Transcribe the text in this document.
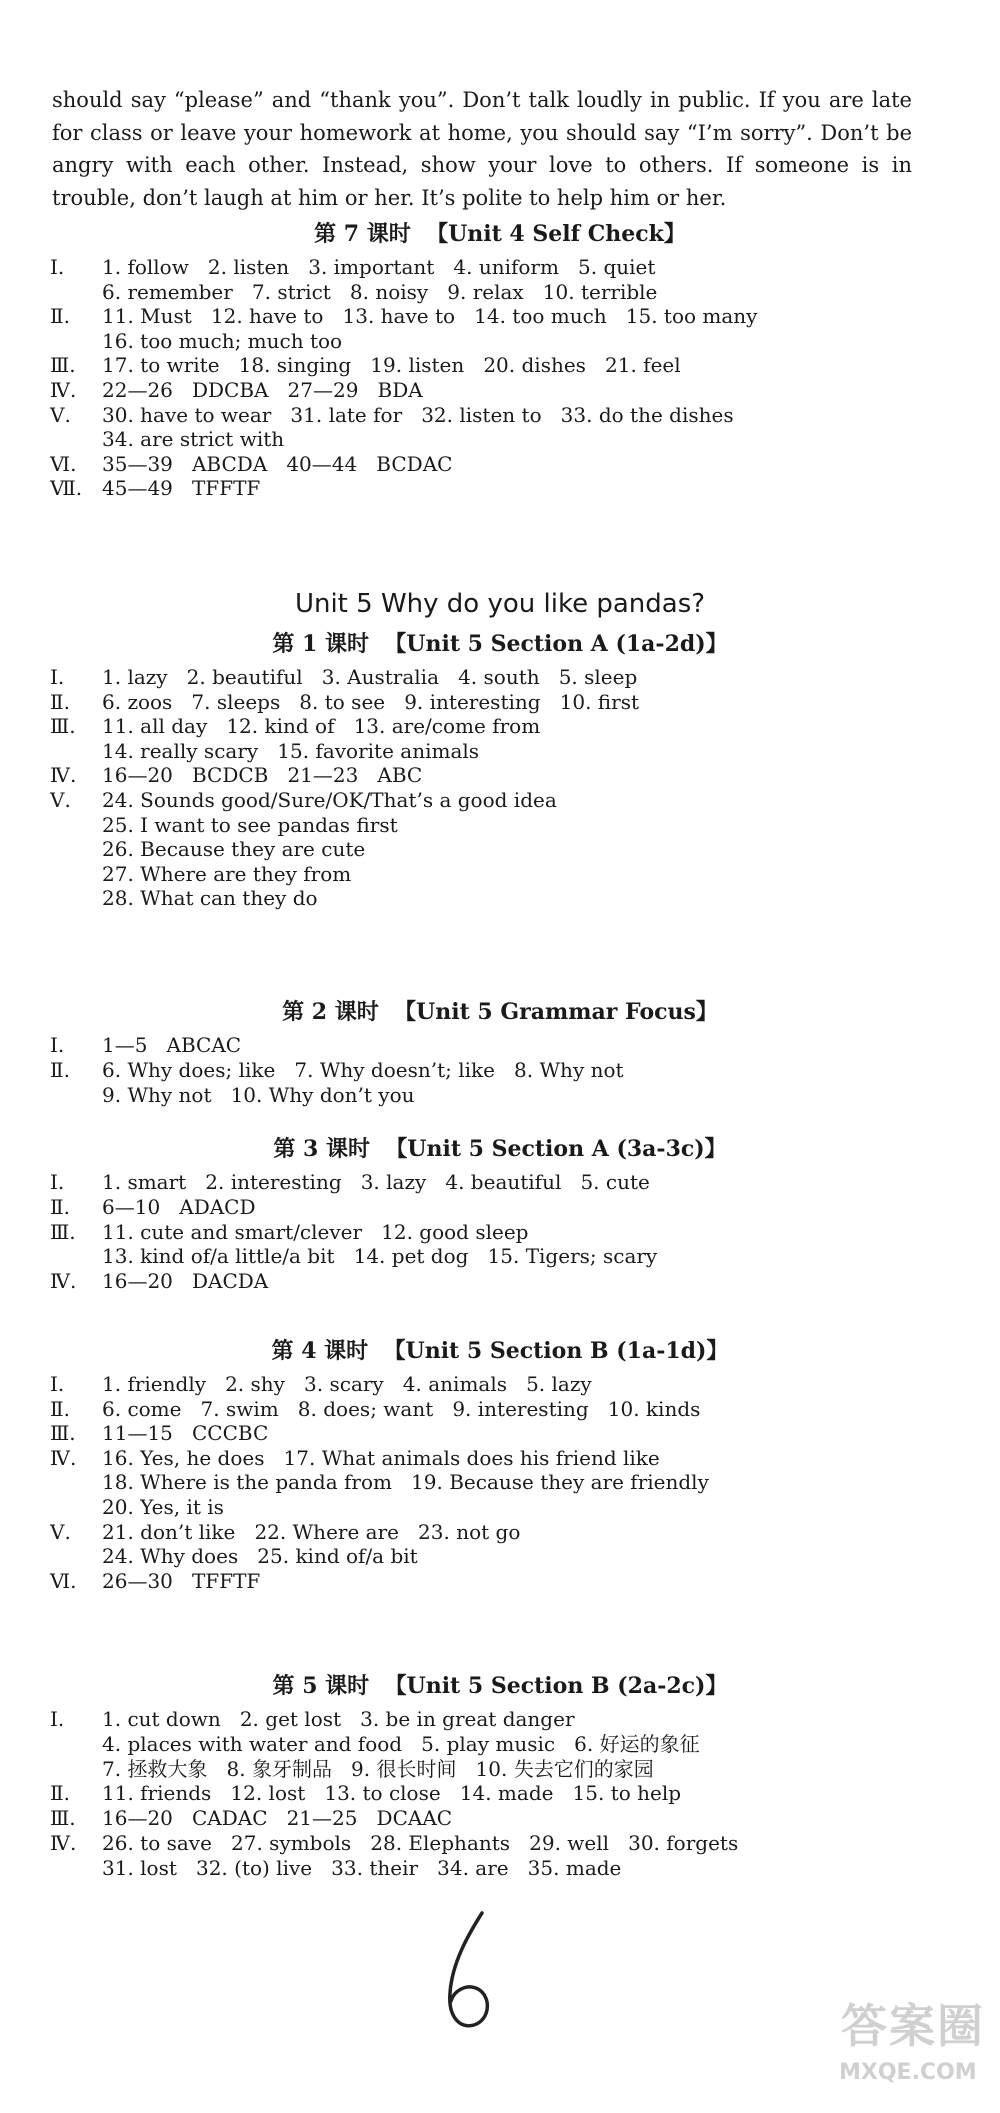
should say “please” and “thank you”. Don’t talk loudly in public. If you are late
for class or leave your homework at home, you should say “I’m sorry”. Don’t be
angry with each other. Instead, show your love to others. If someone is in
trouble, don’t laugh at him or her. It’s polite to help him or her.
第 7 课时 【Unit 4 Self Check】
Ⅰ. 1. follow   2. listen   3. important   4. uniform   5. quiet
6. remember   7. strict   8. noisy   9. relax   10. terrible
Ⅱ. 11. Must   12. have to   13. have to   14. too much   15. too many
16. too much; much too
Ⅲ. 17. to write   18. singing   19. listen   20. dishes   21. feel
Ⅳ. 22—26   DDCBA   27—29   BDA
Ⅴ. 30. have to wear   31. late for   32. listen to   33. do the dishes
34. are strict with
Ⅵ. 35—39   ABCDA   40—44   BCDAC
Ⅶ. 45—49   TFFTF
Unit 5 Why do you like pandas?
第 1 课时 【Unit 5 Section A (1a-2d)】
Ⅰ. 1. lazy   2. beautiful   3. Australia   4. south   5. sleep
Ⅱ. 6. zoos   7. sleeps   8. to see   9. interesting   10. first
Ⅲ. 11. all day   12. kind of   13. are/come from
14. really scary   15. favorite animals
Ⅳ. 16—20   BCDCB   21—23   ABC
Ⅴ. 24. Sounds good/Sure/OK/That’s a good idea
25. I want to see pandas first
26. Because they are cute
27. Where are they from
28. What can they do
第 2 课时 【Unit 5 Grammar Focus】
Ⅰ. 1—5   ABCAC
Ⅱ. 6. Why does; like   7. Why doesn’t; like   8. Why not
9. Why not   10. Why don’t you
第 3 课时 【Unit 5 Section A (3a-3c)】
Ⅰ. 1. smart   2. interesting   3. lazy   4. beautiful   5. cute
Ⅱ. 6—10   ADACD
Ⅲ. 11. cute and smart/clever   12. good sleep
13. kind of/a little/a bit   14. pet dog   15. Tigers; scary
Ⅳ. 16—20   DACDA
第 4 课时 【Unit 5 Section B (1a-1d)】
Ⅰ. 1. friendly   2. shy   3. scary   4. animals   5. lazy
Ⅱ. 6. come   7. swim   8. does; want   9. interesting   10. kinds
Ⅲ. 11—15   CCCBC
Ⅳ. 16. Yes, he does   17. What animals does his friend like
18. Where is the panda from   19. Because they are friendly
20. Yes, it is
Ⅴ. 21. don’t like   22. Where are   23. not go
24. Why does   25. kind of/a bit
Ⅵ. 26—30   TFFTF
第 5 课时 【Unit 5 Section B (2a-2c)】
Ⅰ. 1. cut down   2. get lost   3. be in great danger
4. places with water and food   5. play music   6. 好运的象征
7. 拯救大象   8. 象牙制品   9. 很长时间   10. 失去它们的家园
Ⅱ. 11. friends   12. lost   13. to close   14. made   15. to help
Ⅲ. 16—20   CADAC   21—25   DCAAC
Ⅳ. 26. to save   27. symbols   28. Elephants   29. well   30. forgets
31. lost   32. (to) live   33. their   34. are   35. made
答案圈
MXQE.COM
